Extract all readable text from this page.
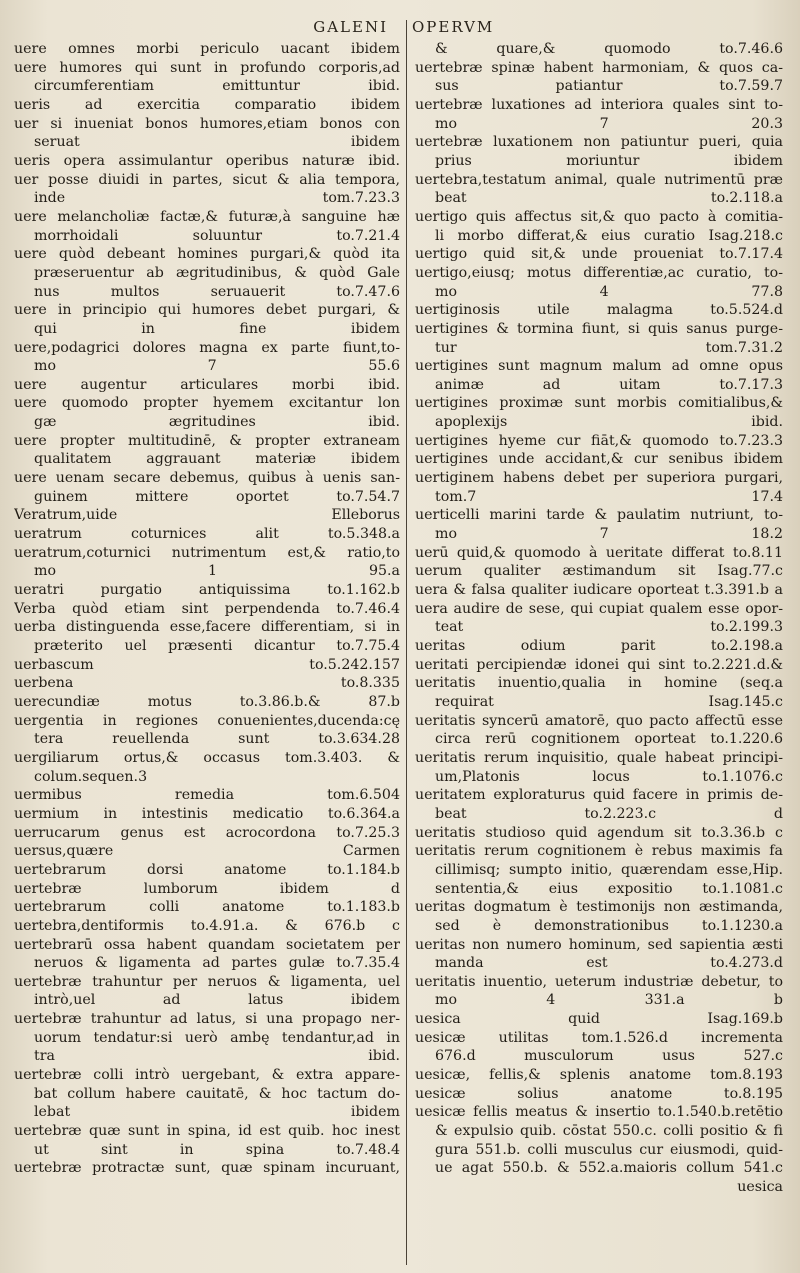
GALENI OPERVM
uere omnes morbi periculo uacant ibidem
uere humores qui sunt in profundo corporis,ad
circumferentiam emittuntur ibid.
ueris ad exercitia comparatio ibidem
uer si inueniat bonos humores,etiam bonos con
seruat ibidem
ueris opera assimulantur operibus naturæ ibid.
uer posse diuidi in partes, sicut & alia tempora,
inde tom.7.23.3
uere melancholiæ factæ,& futuræ,à sanguine hæ
morrhoidali soluuntur to.7.21.4
uere quòd debeant homines purgari,& quòd ita
præseruentur ab ægritudinibus, & quòd Gale
nus multos seruauerit to.7.47.6
uere in principio qui humores debet purgari, &
qui in fine ibidem
uere,podagrici dolores magna ex parte fiunt,to-
mo 7 55.6
uere augentur articulares morbi ibid.
uere quomodo propter hyemem excitantur lon
gæ ægritudines ibid.
uere propter multitudinē, & propter extraneam
qualitatem aggrauant materiæ ibidem
uere uenam secare debemus, quibus à uenis san-
guinem mittere oportet to.7.54.7
Veratrum,uide Elleborus
ueratrum coturnices alit to.5.348.a
ueratrum,coturnici nutrimentum est,& ratio,to
mo 1 95.a
ueratri purgatio antiquissima to.1.162.b
Verba quòd etiam sint perpendenda to.7.46.4
uerba distinguenda esse,facere differentiam, si in
præterito uel præsenti dicantur to.7.75.4
uerbascum to.5.242.157
uerbena to.8.335
uerecundiæ motus to.3.86.b.& 87.b
uergentia in regiones conuenientes,ducenda:cę
tera reuellenda sunt to.3.634.28
uergiliarum ortus,& occasus tom.3.403. &
colum.sequen.3
uermibus remedia tom.6.504
uermium in intestinis medicatio to.6.364.a
uerrucarum genus est acrocordona to.7.25.3
uersus,quære Carmen
uertebrarum dorsi anatome to.1.184.b
uertebræ lumborum ibidem d
uertebrarum colli anatome to.1.183.b
uertebra,dentiformis to.4.91.a. & 676.b c
uertebrarū ossa habent quandam societatem per
neruos & ligamenta ad partes gulæ to.7.35.4
uertebræ trahuntur per neruos & ligamenta, uel
intrò,uel ad latus ibidem
uertebræ trahuntur ad latus, si una propago ner-
uorum tendatur:si uerò ambę tendantur,ad in
tra ibid.
uertebræ colli intrò uergebant, & extra appare-
bat collum habere cauitatē, & hoc tactum do-
lebat ibidem
uertebræ quæ sunt in spina, id est quib. hoc inest
ut sint in spina to.7.48.4
uertebræ protractæ sunt, quæ spinam incuruant,
& quare,& quomodo to.7.46.6
uertebræ spinæ habent harmoniam, & quos ca-
sus patiantur to.7.59.7
uertebræ luxationes ad interiora quales sint to-
mo 7 20.3
uertebræ luxationem non patiuntur pueri, quia
prius moriuntur ibidem
uertebra,testatum animal, quale nutrimentū præ
beat to.2.118.a
uertigo quis affectus sit,& quo pacto à comitia-
li morbo differat,& eius curatio Isag.218.c
uertigo quid sit,& unde proueniat to.7.17.4
uertigo,eiusq; motus differentiæ,ac curatio, to-
mo 4 77.8
uertiginosis utile malagma to.5.524.d
uertigines & tormina fiunt, si quis sanus purge-
tur tom.7.31.2
uertigines sunt magnum malum ad omne opus
animæ ad uitam to.7.17.3
uertigines proximæ sunt morbis comitialibus,&
apoplexijs ibid.
uertigines hyeme cur fiāt,& quomodo to.7.23.3
uertigines unde accidant,& cur senibus ibidem
uertiginem habens debet per superiora purgari,
tom.7 17.4
uerticelli marini tarde & paulatim nutriunt, to-
mo 7 18.2
uerū quid,& quomodo à ueritate differat to.8.11
uerum qualiter æstimandum sit Isag.77.c
uera & falsa qualiter iudicare oporteat t.3.391.b a
uera audire de sese, qui cupiat qualem esse opor-
teat to.2.199.3
ueritas odium parit to.2.198.a
ueritati percipiendæ idonei qui sint to.2.221.d.&
ueritatis inuentio,qualia in homine (seq.a
requirat Isag.145.c
ueritatis syncerū amatorē, quo pacto affectū esse
circa rerū cognitionem oporteat to.1.220.6
ueritatis rerum inquisitio, quale habeat principi-
um,Platonis locus to.1.1076.c
ueritatem exploraturus quid facere in primis de-
beat to.2.223.c d
ueritatis studioso quid agendum sit to.3.36.b c
ueritatis rerum cognitionem è rebus maximis fa
cillimisq; sumpto initio, quærendam esse,Hip.
sententia,& eius expositio to.1.1081.c
ueritas dogmatum è testimonijs non æstimanda,
sed è demonstrationibus to.1.1230.a
ueritas non numero hominum, sed sapientia æsti
manda est to.4.273.d
ueritatis inuentio, ueterum industriæ debetur, to
mo 4 331.a b
uesica quid Isag.169.b
uesicæ utilitas tom.1.526.d incrementa
676.d musculorum usus 527.c
uesicæ, fellis,& splenis anatome tom.8.193
uesicæ solius anatome to.8.195
uesicæ fellis meatus & insertio to.1.540.b.retētio
& expulsio quib. cōstat 550.c. colli positio & fi
gura 551.b. colli musculus cur eiusmodi, quid-
ue agat 550.b. & 552.a.maioris collum 541.c
uesica
